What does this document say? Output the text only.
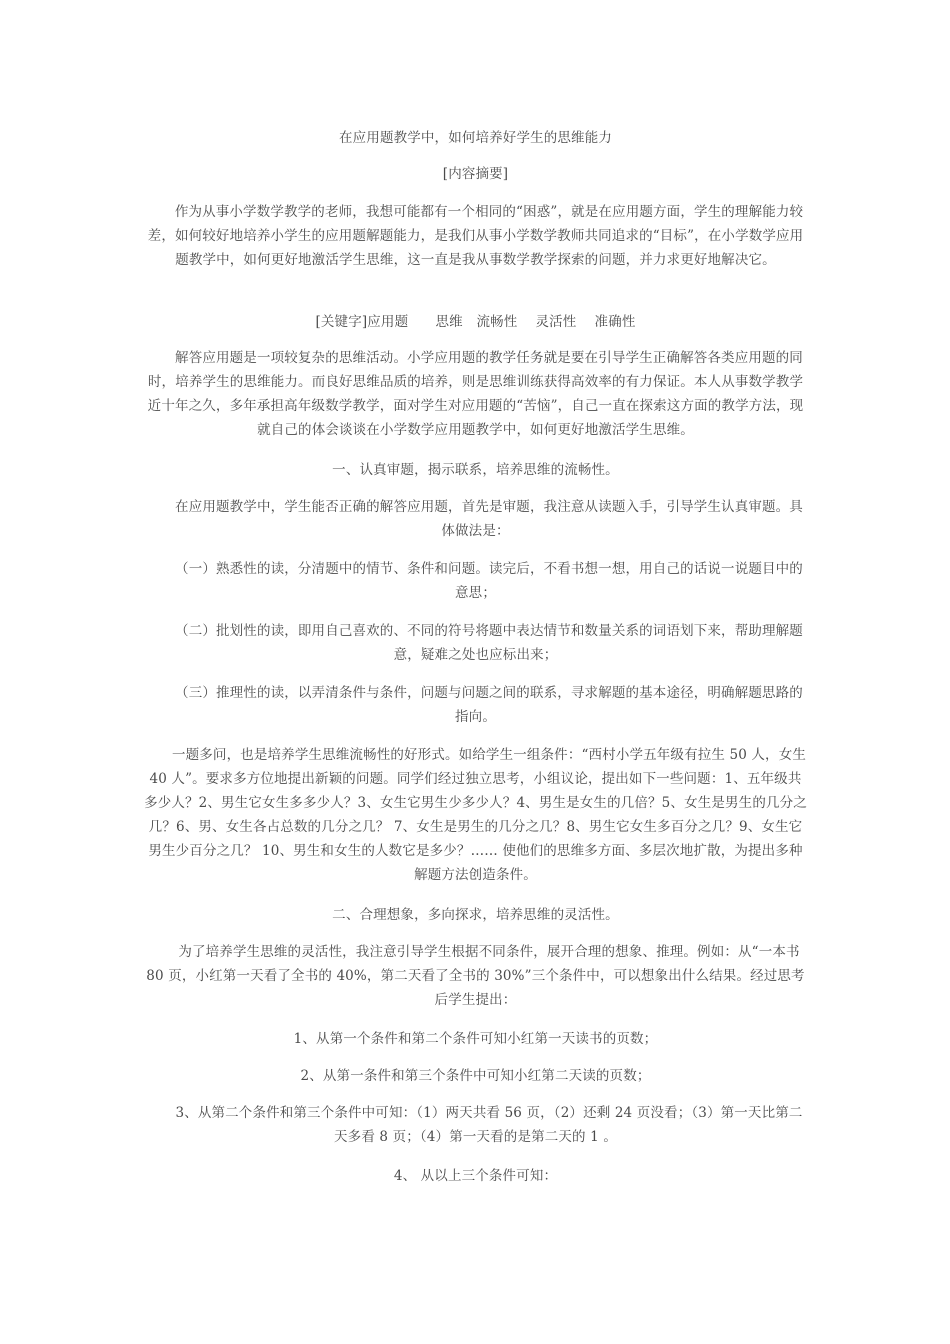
在应用题教学中，如何培养好学生的思维能力

[内容摘要]

作为从事小学数学教学的老师，我想可能都有一个相同的“困惑”，就是在应用题方面，学生的理解能力较差，如何较好地培养小学生的应用题解题能力，是我们从事小学数学教师共同追求的“目标”，在小学数学应用题教学中，如何更好地激活学生思维，这一直是我从事数学教学探索的问题，并力求更好地解决它。

[关键字]应用题　　思维　流畅性　 灵活性　 准确性

解答应用题是一项较复杂的思维活动。小学应用题的教学任务就是要在引导学生正确解答各类应用题的同时，培养学生的思维能力。而良好思维品质的培养，则是思维训练获得高效率的有力保证。本人从事数学教学近十年之久，多年承担高年级数学教学，面对学生对应用题的“苦恼”，自己一直在探索这方面的教学方法，现就自己的体会谈谈在小学数学应用题教学中，如何更好地激活学生思维。

一、认真审题，揭示联系，培养思维的流畅性。

在应用题教学中，学生能否正确的解答应用题，首先是审题，我注意从读题入手，引导学生认真审题。具体做法是：

（一）熟悉性的读，分清题中的情节、条件和问题。读完后，不看书想一想，用自己的话说一说题目中的意思；

（二）批划性的读，即用自己喜欢的、不同的符号将题中表达情节和数量关系的词语划下来，帮助理解题意，疑难之处也应标出来；

（三）推理性的读，以弄清条件与条件，问题与问题之间的联系，寻求解题的基本途径，明确解题思路的指向。

一题多问，也是培养学生思维流畅性的好形式。如给学生一组条件：“西村小学五年级有拉生 50 人，女生 40 人”。要求多方位地提出新颖的问题。同学们经过独立思考，小组议论，提出如下一些问题：1、五年级共多少人？2、男生它女生多多少人？3、女生它男生少多少人？4、男生是女生的几倍？5、女生是男生的几分之几？6、男、女生各占总数的几分之几？ 7、女生是男生的几分之几？8、男生它女生多百分之几？9、女生它男生少百分之几？ 10、男生和女生的人数它是多少？…… 使他们的思维多方面、多层次地扩散，为提出多种解题方法创造条件。

二、合理想象，多向探求，培养思维的灵活性。

为了培养学生思维的灵活性，我注意引导学生根据不同条件，展开合理的想象、推理。例如：从“一本书 80 页，小红第一天看了全书的 40%，第二天看了全书的 30%”三个条件中，可以想象出什么结果。经过思考后学生提出：

1、从第一个条件和第二个条件可知小红第一天读书的页数；

2、从第一条件和第三个条件中可知小红第二天读的页数；

3、从第二个条件和第三个条件中可知：（1）两天共看 56 页，（2）还剩 24 页没看；（3）第一天比第二天多看 8 页；（4）第一天看的是第二天的 1 。

4、 从以上三个条件可知：
